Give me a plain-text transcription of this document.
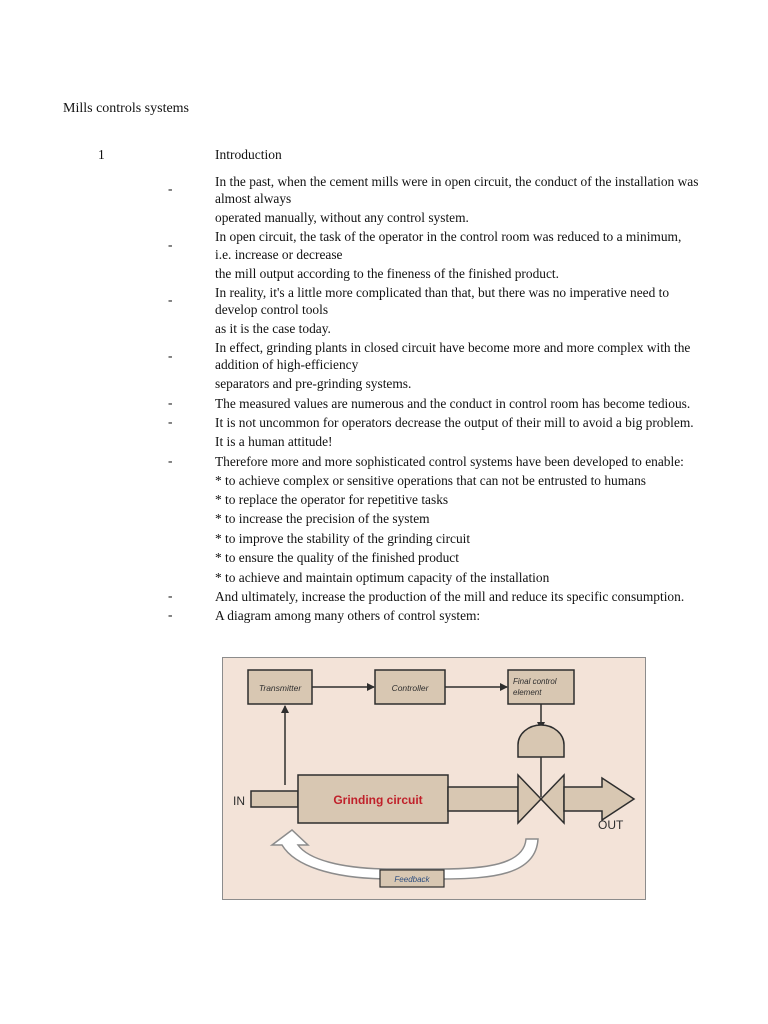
Mills controls systems
1	Introduction
-	In the past, when the cement mills were in open circuit, the conduct of the installation was
almost always
operated manually, without any control system.
-
In open circuit, the task of the operator in the control room was reduced to a minimum,
i.e. increase or decrease
the mill output according to the fineness of the finished product.
-	In reality, it's a little more complicated than that, but there was no imperative need to
develop control tools
as it is the case today.
-
In effect, grinding plants in closed circuit have become more and more complex with the
addition of high-efficiency
separators and pre-grinding systems.
-	The measured values are numerous and the conduct in control room has become tedious.
-	It is not uncommon for operators decrease the output of their mill to avoid a big problem.
It is a human attitude!
-	Therefore more and more sophisticated control systems have been developed to enable:
* to achieve complex or sensitive operations that can not be entrusted to humans
* to replace the operator for repetitive tasks
* to increase the precision of the system
* to improve the stability of the grinding circuit
* to ensure the quality of the finished product
* to achieve and maintain optimum capacity of the installation
-	And ultimately, increase the production of the mill and reduce its specific consumption.
-	A diagram among many others of control system:
Transmitter	Controller
Final control
element
IN	Grinding circuit
OUT
Feedback
